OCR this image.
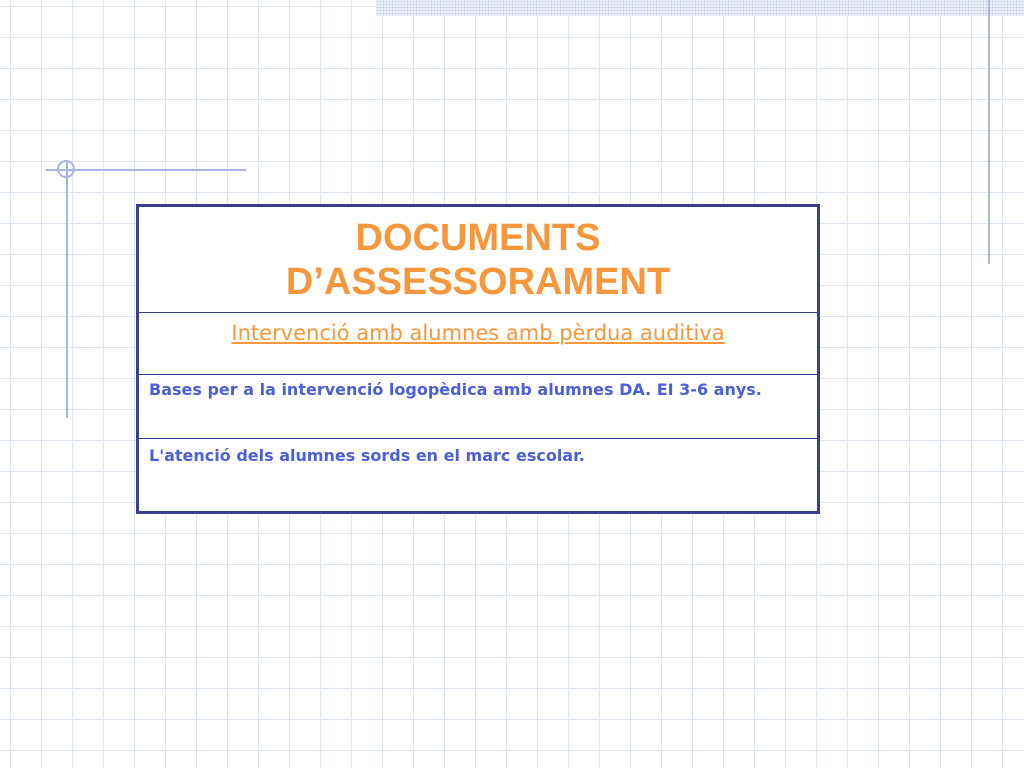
DOCUMENTS
D’ASSESSORAMENT
Intervenció amb alumnes amb pèrdua auditiva
Bases per a la intervenció logopèdica amb alumnes DA. EI 3-6 anys.
L'atenció dels alumnes sords en el marc escolar.
